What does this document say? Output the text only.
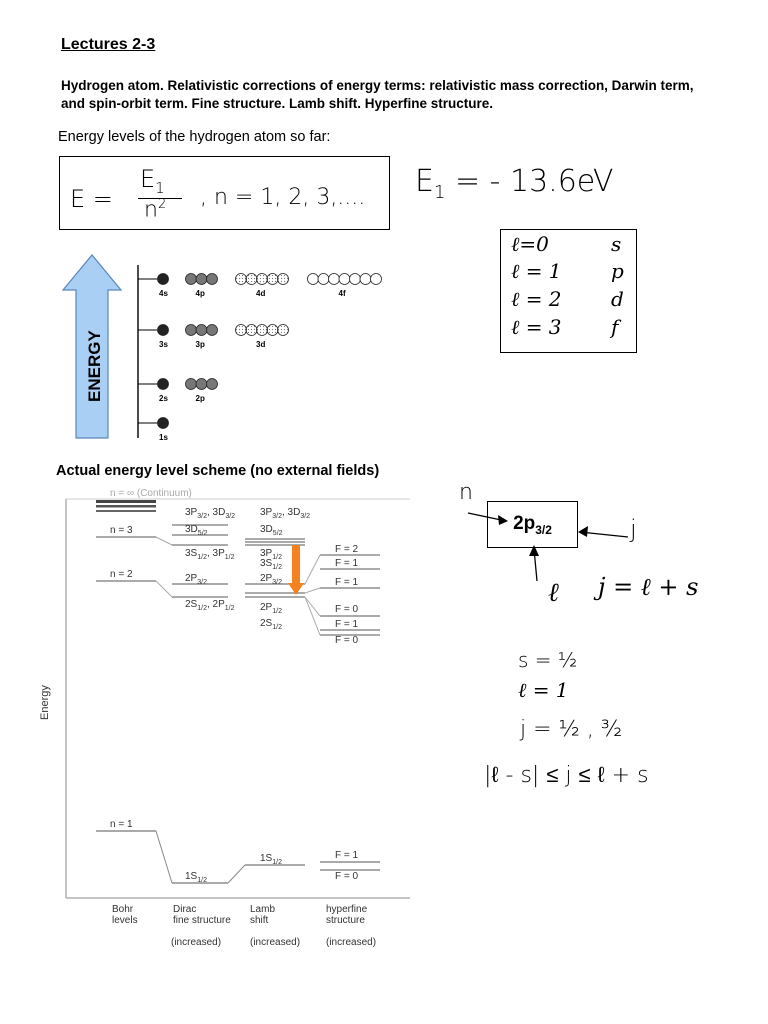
Lectures 2-3
Hydrogen atom. Relativistic corrections of energy terms: relativistic mass correction, Darwin term, and spin-orbit term. Fine structure. Lamb shift. Hyperfine structure.
Energy levels of the hydrogen atom so far:
E =
$E_1$
$n^2$ , n = 1, 2, 3,.... $E_1$ = - 13.6eV
ENERGY
4s	4p	4d	4f
3s	3p	3d
2s	2p
1s
ℓ=0	s
ℓ = 1 p
ℓ = 2 d
ℓ = 3 f
Actual energy level scheme (no external fields)
Energy
n = ∞ (Continuum)
n = 3
n = 2
n = 1
$3P_{3/2}$, $3D_{3/2}$
$3D_{5/2}$
$3S_{1/2}$, $3P_{1/2}$
$2P_{3/2}$
$2S_{1/2}$, $2P_{1/2}$
$1S_{1/2}$
$3P_{3/2}$, $3D_{3/2}$
$3D_{5/2}$
$3P_{1/2}$
$3S_{1/2}$
$2P_{3/2}$
$2P_{1/2}$
$2S_{1/2}$
$1S_{1/2}$
F = 2
F = 1
F = 1
F = 0
F = 1
F = 0
F = 1
F = 0
Bohr
levels
Dirac
fine structure
Lamb
shift
hyperfine
structure
(increased)	(increased)	(increased)
$2p_{3/2}$
n
j
ℓ j = ℓ + s
s = ½
ℓ = 1
j = ½ , ³⁄₂
|ℓ - s| ≤ j ≤ ℓ + s
